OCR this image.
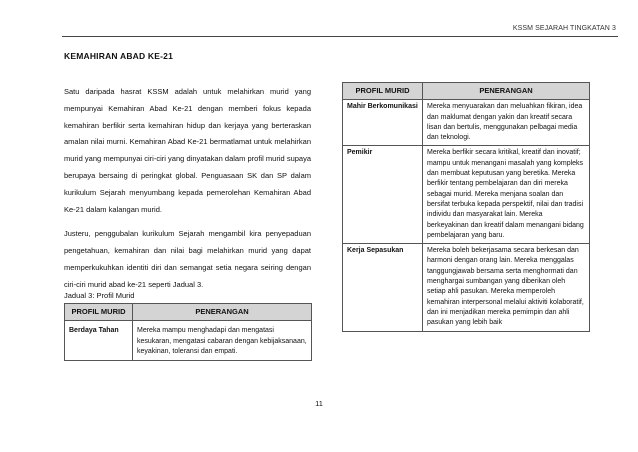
KSSM SEJARAH TINGKATAN 3
KEMAHIRAN ABAD KE-21

Satu daripada hasrat KSSM adalah untuk melahirkan murid yang mempunyai Kemahiran Abad Ke-21 dengan memberi fokus kepada kemahiran berfikir serta kemahiran hidup dan kerjaya yang berteraskan amalan nilai murni. Kemahiran Abad Ke-21 bermatlamat untuk melahirkan murid yang mempunyai ciri-ciri yang dinyatakan dalam profil murid supaya berupaya bersaing di peringkat global. Penguasaan SK dan SP dalam kurikulum Sejarah menyumbang kepada pemerolehan Kemahiran Abad Ke-21 dalam kalangan murid.

Justeru, penggubalan kurikulum Sejarah mengambil kira penyepaduan pengetahuan, kemahiran dan nilai bagi melahirkan murid yang dapat memperkukuhkan identiti diri dan semangat setia negara seiring dengan ciri-ciri murid abad ke-21 seperti Jadual 3.

Jadual 3: Profil Murid
PROFIL MURID	PENERANGAN
Berdaya Tahan	Mereka mampu menghadapi dan mengatasi kesukaran, mengatasi cabaran dengan kebijaksanaan, keyakinan, toleransi dan empati.
PROFIL MURID	PENERANGAN
Mahir Berkomunikasi	Mereka menyuarakan dan meluahkan fikiran, idea dan maklumat dengan yakin dan kreatif secara lisan dan bertulis, menggunakan pelbagai media dan teknologi.
Pemikir	Mereka berfikir secara kritikal, kreatif dan inovatif; mampu untuk menangani masalah yang kompleks dan membuat keputusan yang beretika. Mereka berfikir tentang pembelajaran dan diri mereka sebagai murid. Mereka menjana soalan dan bersifat terbuka kepada perspektif, nilai dan tradisi individu dan masyarakat lain. Mereka berkeyakinan dan kreatif dalam menangani bidang pembelajaran yang baru.
Kerja Sepasukan	Mereka boleh bekerjasama secara berkesan dan harmoni dengan orang lain. Mereka menggalas tanggungjawab bersama serta menghormati dan menghargai sumbangan yang diberikan oleh setiap ahli pasukan. Mereka memperoleh kemahiran interpersonal melalui aktiviti kolaboratif, dan ini menjadikan mereka pemimpin dan ahli pasukan yang lebih baik
11
